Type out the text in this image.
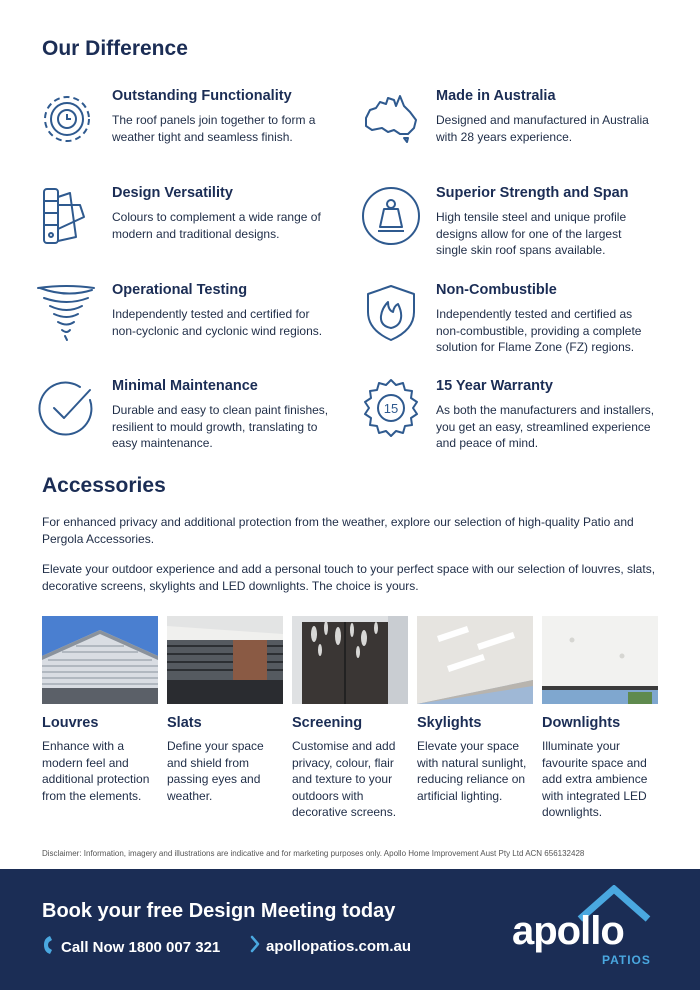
Our Difference
Outstanding Functionality
The roof panels join together to form a weather tight and seamless finish.
Made in Australia
Designed and manufactured in Australia with 28 years experience.
Design Versatility
Colours to complement a wide range of modern and traditional designs.
Superior Strength and Span
High tensile steel and unique profile designs allow for one of the largest single skin roof spans available.
Operational Testing
Independently tested and certified for non-cyclonic and cyclonic wind regions.
Non-Combustible
Independently tested and certified as non-combustible, providing a complete solution for Flame Zone (FZ) regions.
Minimal Maintenance
Durable and easy to clean paint finishes, resilient to mould growth, translating to easy maintenance.
15
15 Year Warranty
As both the manufacturers and installers, you get an easy, streamlined experience and peace of mind.
Accessories
For enhanced privacy and additional protection from the weather, explore our selection of high-quality Patio and Pergola Accessories.
Elevate your outdoor experience and add a personal touch to your perfect space with our selection of louvres, slats, decorative screens, skylights and LED downlights. The choice is yours.
Louvres
Enhance with a modern feel and additional protection from the elements.
Slats
Define your space and shield from passing eyes and weather.
Screening
Customise and add privacy, colour, flair and texture to your outdoors with decorative screens.
Skylights
Elevate your space with natural sunlight, reducing reliance on artificial lighting.
Downlights
Illuminate your favourite space and add extra ambience with integrated LED downlights.
Disclaimer: Information, imagery and illustrations are indicative and for marketing purposes only. Apollo Home Improvement Aust Pty Ltd ACN 656132428
Book your free Design Meeting today
Call Now 1800 007 321	apollopatios.com.au	apollo
PATIOS
